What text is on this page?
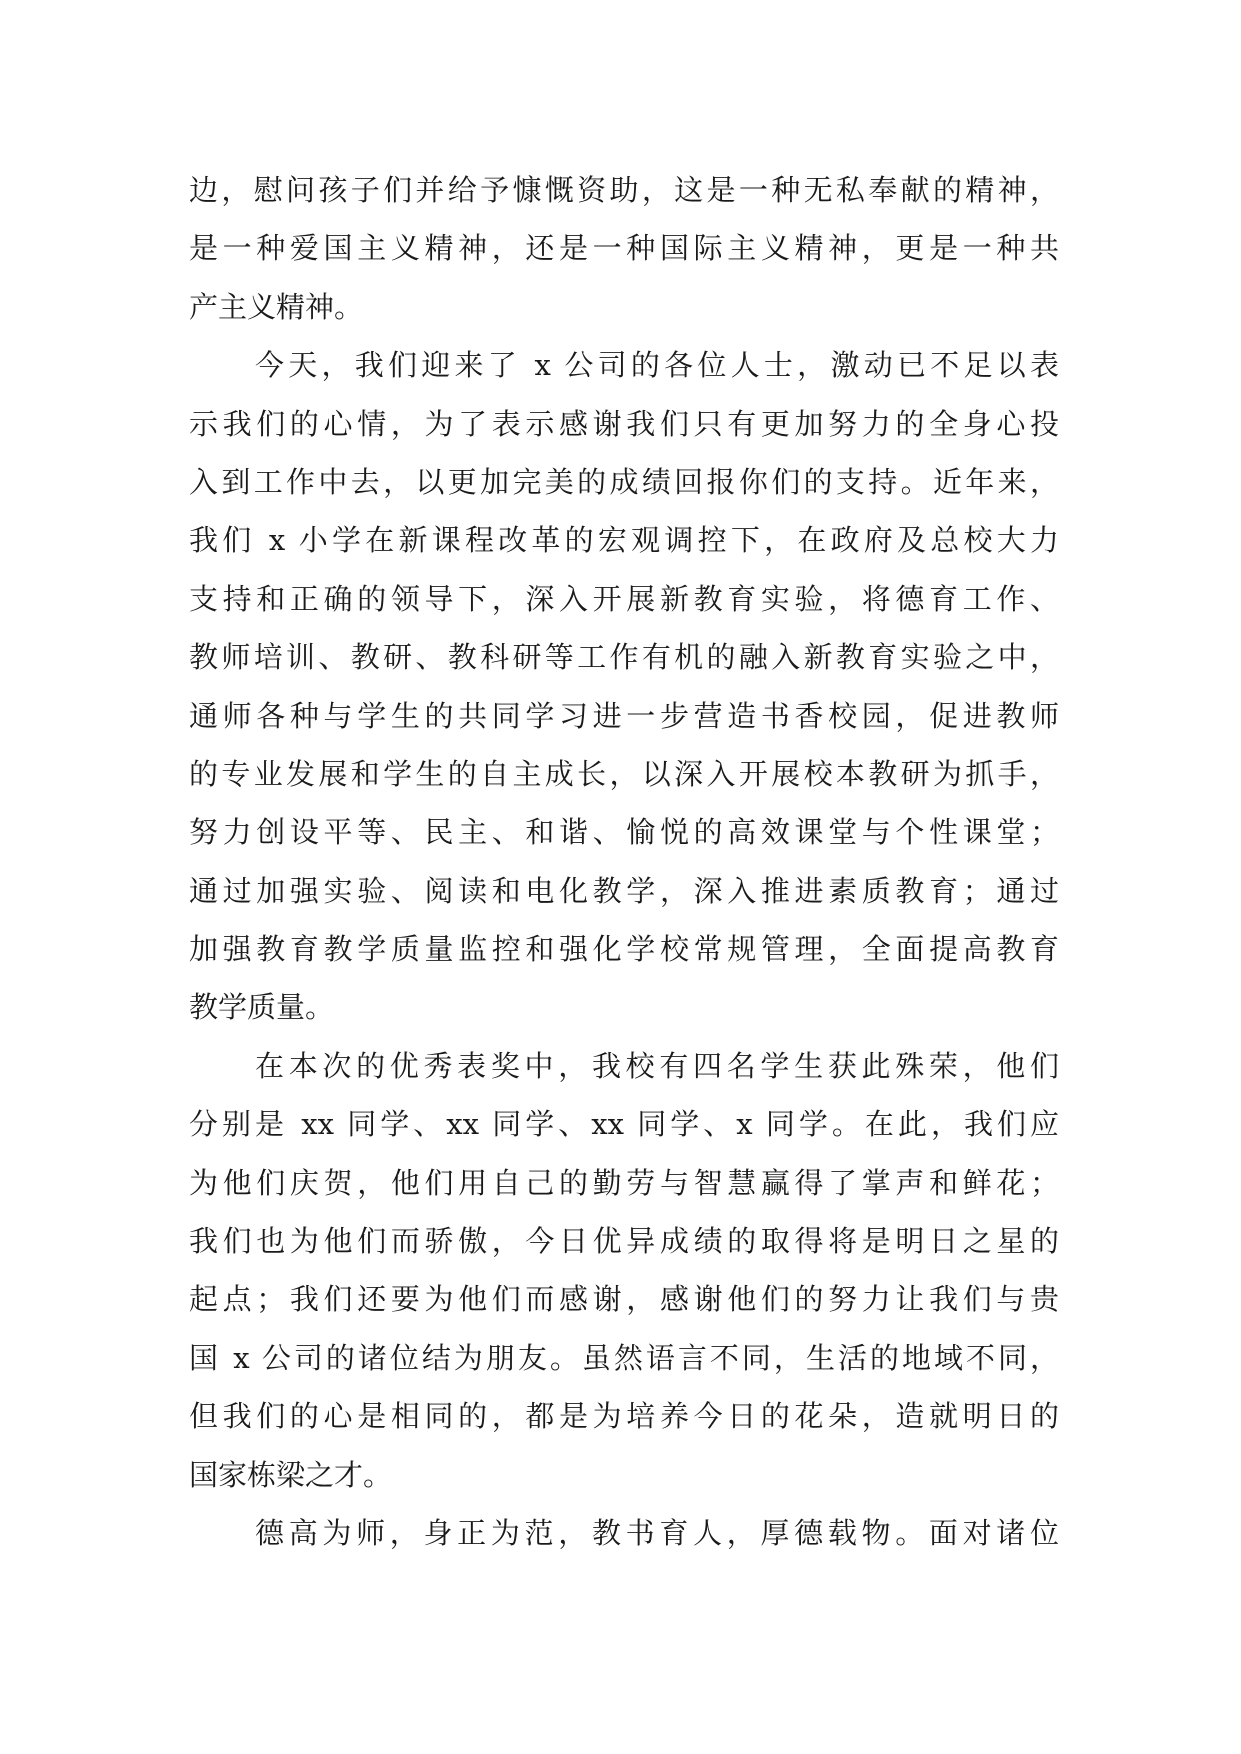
边，慰问孩子们并给予慷慨资助，这是一种无私奉献的精神，
是一种爱国主义精神，还是一种国际主义精神，更是一种共
产主义精神。
今天，我们迎来了 x 公司的各位人士，激动已不足以表
示我们的心情，为了表示感谢我们只有更加努力的全身心投
入到工作中去，以更加完美的成绩回报你们的支持。近年来，
我们 x 小学在新课程改革的宏观调控下，在政府及总校大力
支持和正确的领导下，深入开展新教育实验，将德育工作、
教师培训、教研、教科研等工作有机的融入新教育实验之中，
通师各种与学生的共同学习进一步营造书香校园，促进教师
的专业发展和学生的自主成长，以深入开展校本教研为抓手，
努力创设平等、民主、和谐、愉悦的高效课堂与个性课堂；
通过加强实验、阅读和电化教学，深入推进素质教育；通过
加强教育教学质量监控和强化学校常规管理，全面提高教育
教学质量。
在本次的优秀表奖中，我校有四名学生获此殊荣，他们
分别是 xx 同学、xx 同学、xx 同学、x 同学。在此，我们应
为他们庆贺，他们用自己的勤劳与智慧赢得了掌声和鲜花；
我们也为他们而骄傲，今日优异成绩的取得将是明日之星的
起点；我们还要为他们而感谢，感谢他们的努力让我们与贵
国 x 公司的诸位结为朋友。虽然语言不同，生活的地域不同，
但我们的心是相同的，都是为培养今日的花朵，造就明日的
国家栋梁之才。
德高为师，身正为范，教书育人，厚德载物。面对诸位
